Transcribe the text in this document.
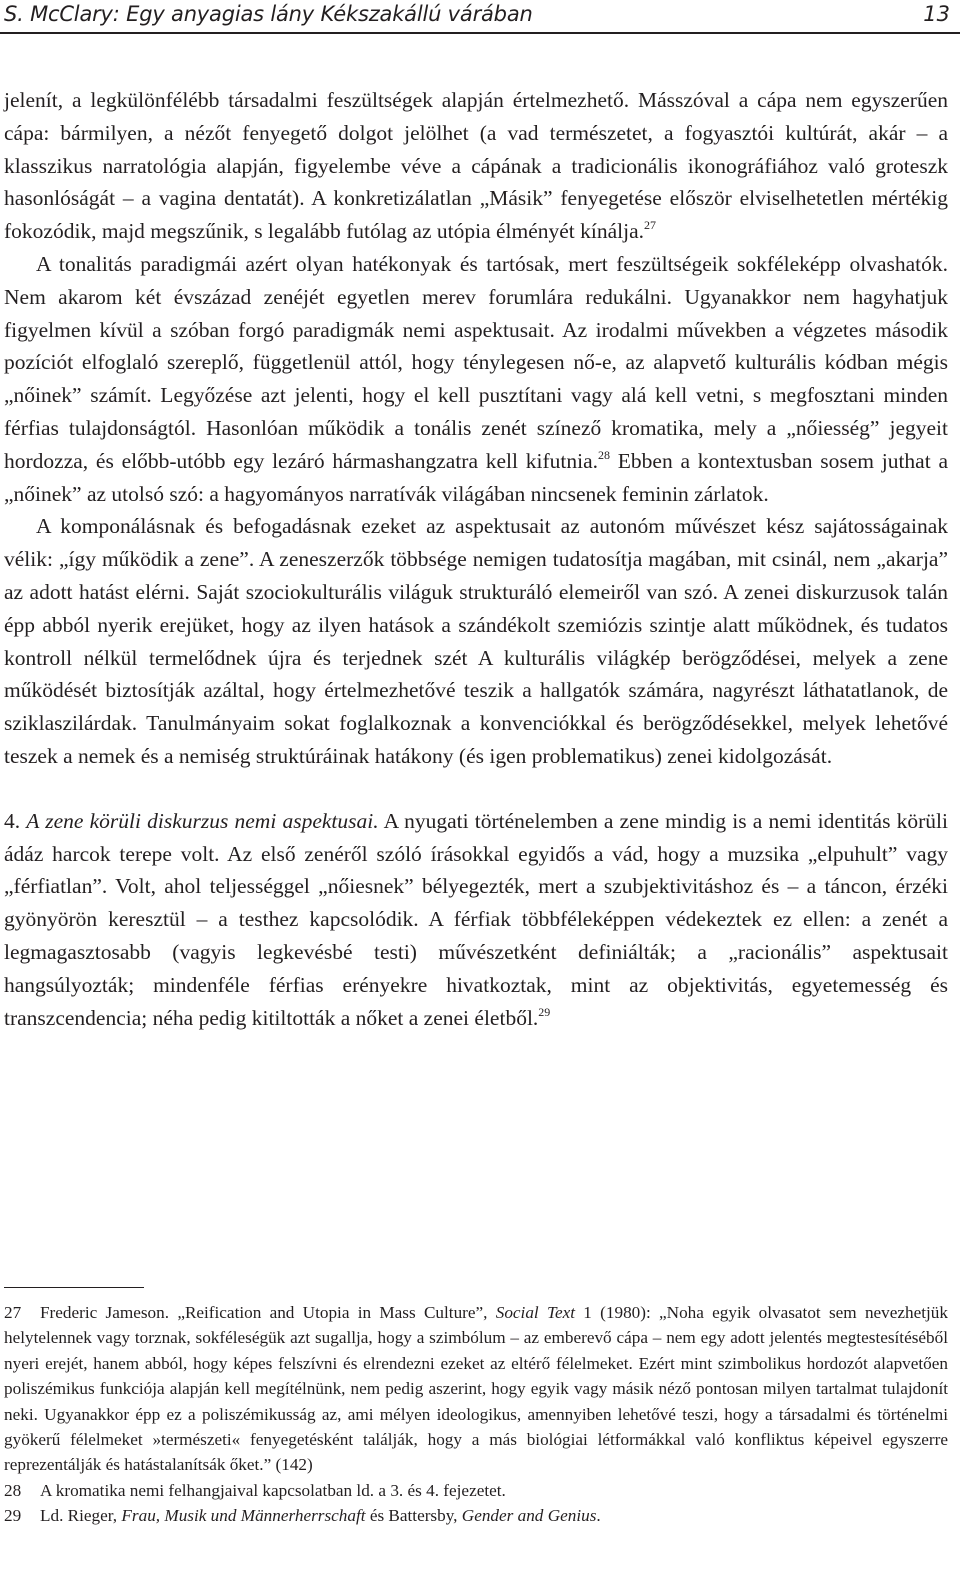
S. McClary: Egy anyagias lány Kékszakállú várában	13

jelenít, a legkülönfélébb társadalmi feszültségek alapján értelmezhető. Másszóval a cápa nem egyszerűen cápa: bármilyen, a nézőt fenyegető dolgot jelölhet (a vad természetet, a fogyasztói kultúrát, akár – a klasszikus narratológia alapján, figyelembe véve a cápának a tradicionális ikonográfiához való groteszk hasonlóságát – a vagina dentatát). A konkretizálatlan „Másik” fenyegetése először elviselhetetlen mértékig fokozódik, majd megszűnik, s legalább futólag az utópia élményét kínálja.$^{27}$

A tonalitás paradigmái azért olyan hatékonyak és tartósak, mert feszültségeik sokféleképp olvashatók. Nem akarom két évszázad zenéjét egyetlen merev forumlára redukálni. Ugyanakkor nem hagyhatjuk figyelmen kívül a szóban forgó paradigmák nemi aspektusait. Az irodalmi művekben a végzetes második pozíciót elfoglaló szereplő, függetlenül attól, hogy ténylegesen nő-e, az alapvető kulturális kódban mégis „nőinek” számít. Legyőzése azt jelenti, hogy el kell pusztítani vagy alá kell vetni, s megfosztani minden férfias tulajdonságtól. Hasonlóan működik a tonális zenét színező kromatika, mely a „nőiesség” jegyeit hordozza, és előbb-utóbb egy lezáró hármashangzatra kell kifutnia.$^{28}$ Ebben a kontextusban sosem juthat a „nőinek” az utolsó szó: a hagyományos narratívák világában nincsenek feminin zárlatok.

A komponálásnak és befogadásnak ezeket az aspektusait az autonóm művészet kész sajátosságainak vélik: „így működik a zene”. A zeneszerzők többsége nemigen tudatosítja magában, mit csinál, nem „akarja” az adott hatást elérni. Saját szociokulturális világuk strukturáló elemeiről van szó. A zenei diskurzusok talán épp abból nyerik erejüket, hogy az ilyen hatások a szándékolt szemiózis szintje alatt működnek, és tudatos kontroll nélkül termelődnek újra és terjednek szét A kulturális világkép berögződései, melyek a zene működését biztosítják azáltal, hogy értelmezhetővé teszik a hallgatók számára, nagyrészt láthatatlanok, de sziklaszilárdak. Tanulmányaim sokat foglalkoznak a konvenciókkal és berögződésekkel, melyek lehetővé teszek a nemek és a nemiség struktúráinak hatákony (és igen problematikus) zenei kidolgozását.

4. A zene körüli diskurzus nemi aspektusai. A nyugati történelemben a zene mindig is a nemi identitás körüli ádáz harcok terepe volt. Az első zenéről szóló írásokkal egyidős a vád, hogy a muzsika „elpuhult” vagy „férfiatlan”. Volt, ahol teljességgel „nőiesnek” bélyegezték, mert a szubjektivitáshoz és – a táncon, érzéki gyönyörön keresztül – a testhez kapcsolódik. A férfiak többféleképpen védekeztek ez ellen: a zenét a legmagasztosabb (vagyis legkevésbé testi) művészetként definiálták; a „racionális” aspektusait hangsúlyozták; mindenféle férfias erényekre hivatkoztak, mint az objektivitás, egyetemesség és transzcendencia; néha pedig kitiltották a nőket a zenei életből.$^{29}$

27 Frederic Jameson. „Reification and Utopia in Mass Culture”, Social Text 1 (1980): „Noha egyik olvasatot sem nevezhetjük helytelennek vagy torznak, sokféleségük azt sugallja, hogy a szimbólum – az emberevő cápa – nem egy adott jelentés megtestesítéséből nyeri erejét, hanem abból, hogy képes felszívni és elrendezni ezeket az eltérő félelmeket. Ezért mint szimbolikus hordozót alapvetően poliszémikus funkciója alapján kell megítélnünk, nem pedig aszerint, hogy egyik vagy másik néző pontosan milyen tartalmat tulajdonít neki. Ugyanakkor épp ez a poliszémikusság az, ami mélyen ideologikus, amennyiben lehetővé teszi, hogy a társadalmi és történelmi gyökerű félelmeket »természeti« fenyegetésként találják, hogy a más biológiai létformákkal való konfliktus képeivel egyszerre reprezentálják és hatástalanítsák őket.” (142)

28 A kromatika nemi felhangjaival kapcsolatban ld. a 3. és 4. fejezetet.

29 Ld. Rieger, Frau, Musik und Männerherrschaft és Battersby, Gender and Genius.
